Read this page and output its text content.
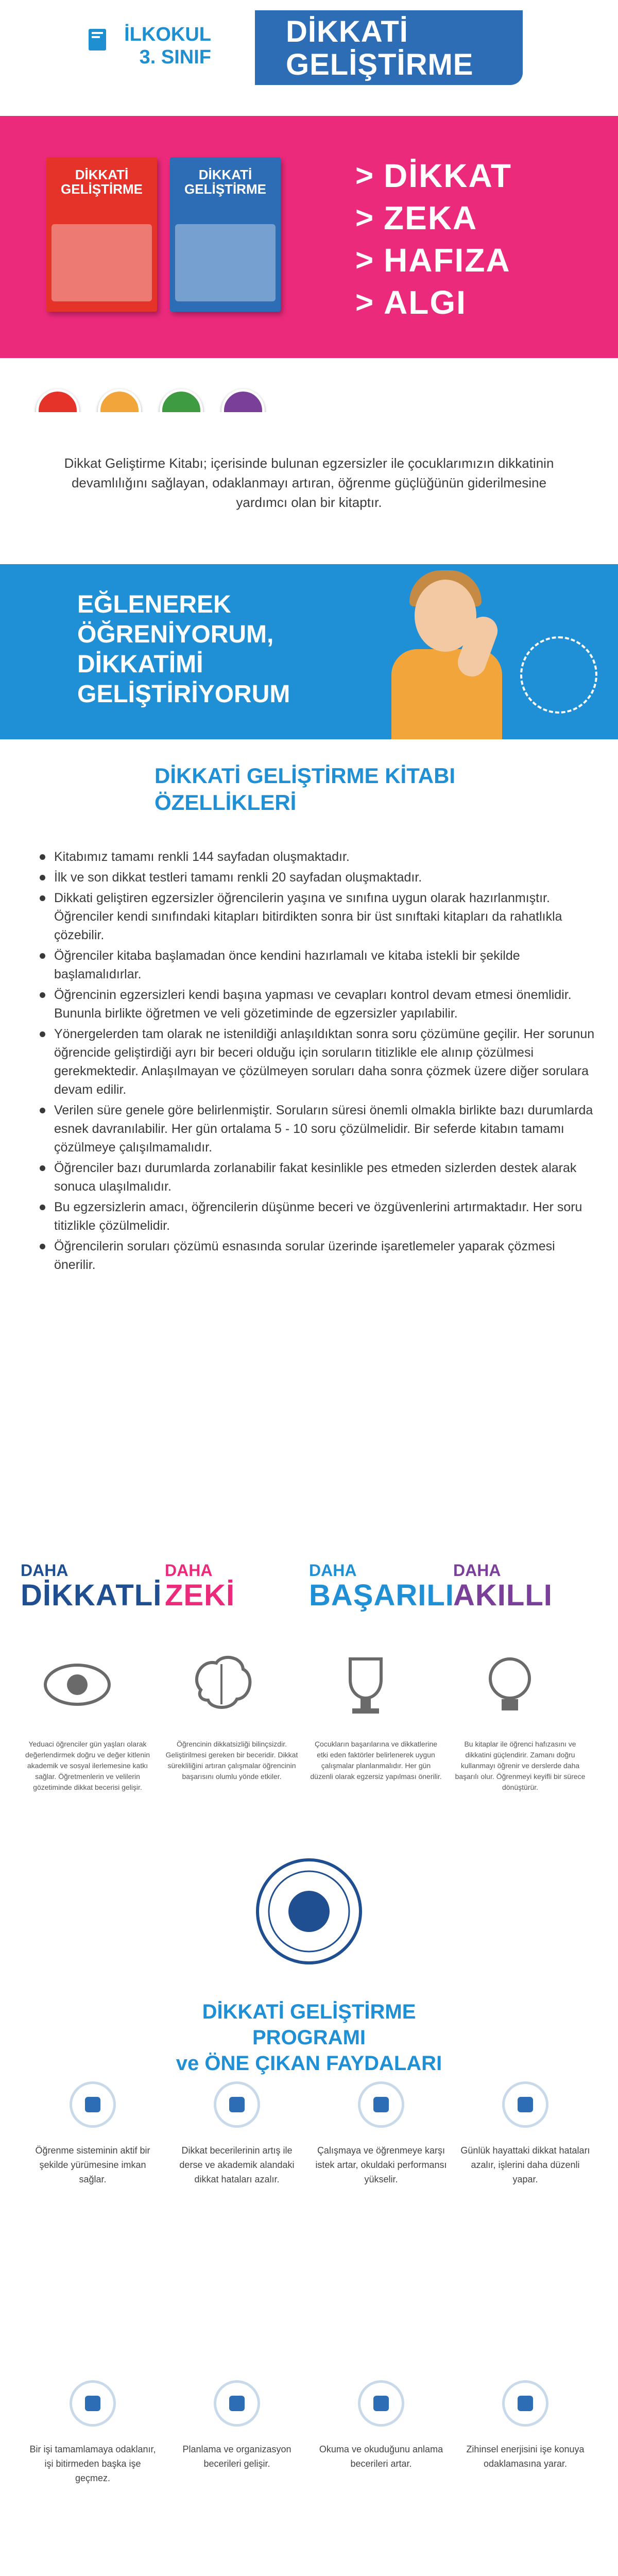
İLKOKUL
3. SINIF
DİKKATİ
GELİŞTİRME
DİKKATİ GELİŞTİRME
DİKKATİ GELİŞTİRME	> DİKKAT
> ZEKA
> HAFIZA
> ALGI

Dikkat Geliştirme Kitabı; içerisinde bulunan egzersizler ile çocuklarımızın dikkatinin devamlılığını sağlayan, odaklanmayı artıran, öğrenme güçlüğünün giderilmesine yardımcı olan bir kitaptır.

EĞLENEREK
ÖĞRENİYORUM,
DİKKATİMİ
GELİŞTİRİYORUM
DİKKATİ GELİŞTİRME KİTABI
ÖZELLİKLERİ
Kitabımız tamamı renkli 144 sayfadan oluşmaktadır.
İlk ve son dikkat testleri tamamı renkli 20 sayfadan oluşmaktadır.
Dikkati geliştiren egzersizler öğrencilerin yaşına ve sınıfına uygun olarak hazırlanmıştır. Öğrenciler kendi sınıfındaki kitapları bitirdikten sonra bir üst sınıftaki kitapları da rahatlıkla çözebilir.
Öğrenciler kitaba başlamadan önce kendini hazırlamalı ve kitaba istekli bir şekilde başlamalıdırlar.
Öğrencinin egzersizleri kendi başına yapması ve cevapları kontrol devam etmesi önemlidir. Bununla birlikte öğretmen ve veli gözetiminde de egzersizler yapılabilir.
Yönergelerden tam olarak ne istenildiği anlaşıldıktan sonra soru çözümüne geçilir. Her sorunun öğrencide geliştirdiği ayrı bir beceri olduğu için soruların titizlikle ele alınıp çözülmesi gerekmektedir. Anlaşılmayan ve çözülmeyen soruları daha sonra çözmek üzere diğer sorulara devam edilir.
Verilen süre genele göre belirlenmiştir. Soruların süresi önemli olmakla birlikte bazı durumlarda esnek davranılabilir. Her gün ortalama 5 - 10 soru çözülmelidir. Bir seferde kitabın tamamı çözülmeye çalışılmamalıdır.
Öğrenciler bazı durumlarda zorlanabilir fakat kesinlikle pes etmeden sizlerden destek alarak sonuca ulaşılmalıdır.
Bu egzersizlerin amacı, öğrencilerin düşünme beceri ve özgüvenlerini artırmaktadır. Her soru titizlikle çözülmelidir.
Öğrencilerin soruları çözümü esnasında sorular üzerinde işaretlemeler yaparak çözmesi önerilir.
DAHA
DİKKATLİ
Yeduaci öğrenciler gün yaşları olarak değerlendirmek doğru ve değer kitlenin akademik ve sosyal ilerlemesine katkı sağlar. Öğretmenlerin ve velilerin gözetiminde dikkat becerisi gelişir.
DAHA
ZEKİ
Öğrencinin dikkatsizliği bilinçsizdir. Geliştirilmesi gereken bir beceridir. Dikkat sürekliliğini artıran çalışmalar öğrencinin başarısını olumlu yönde etkiler.
DAHA
BAŞARILI
Çocukların başarılarına ve dikkatlerine etki eden faktörler belirlenerek uygun çalışmalar planlanmalıdır. Her gün düzenli olarak egzersiz yapılması önerilir.
DAHA
AKILLI
Bu kitaplar ile öğrenci hafızasını ve dikkatini güçlendirir. Zamanı doğru kullanmayı öğrenir ve derslerde daha başarılı olur. Öğrenmeyi keyifli bir sürece dönüştürür.
DİKKATİ GELİŞTİRME PROGRAMI
ve ÖNE ÇIKAN FAYDALARI
Öğrenme sisteminin aktif bir şekilde yürümesine imkan sağlar.
Dikkat becerilerinin artış ile derse ve akademik alandaki dikkat hataları azalır.
Çalışmaya ve öğrenmeye karşı istek artar, okuldaki performansı yükselir.
Günlük hayattaki dikkat hataları azalır, işlerini daha düzenli yapar.
Bir işi tamamlamaya odaklanır, işi bitirmeden başka işe geçmez.
Planlama ve organizasyon becerileri gelişir.
Okuma ve okuduğunu anlama becerileri artar.
Zihinsel enerjisini işe konuya odaklamasına yarar.
